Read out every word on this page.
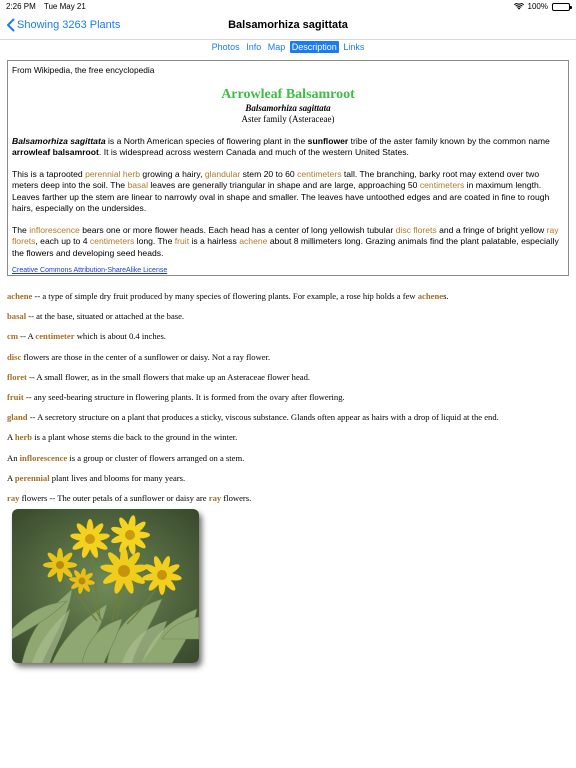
2:26 PM Tue May 21	100%
Showing 3263 Plants	Balsamorhiza sagittata
Photos Info Map Description Links
From Wikipedia, the free encyclopedia
Arrowleaf Balsamroot
Balsamorhiza sagittata
Aster family (Asteraceae)

Balsamorhiza sagittata is a North American species of flowering plant in the sunflower tribe of the aster family known by the common name arrowleaf balsamroot. It is widespread across western Canada and much of the western United States.

This is a taprooted perennial herb growing a hairy, glandular stem 20 to 60 centimeters tall. The branching, barky root may extend over two meters deep into the soil. The basal leaves are generally triangular in shape and are large, approaching 50 centimeters in maximum length. Leaves farther up the stem are linear to narrowly oval in shape and smaller. The leaves have untoothed edges and are coated in fine to rough hairs, especially on the undersides.

The inflorescence bears one or more flower heads. Each head has a center of long yellowish tubular disc florets and a fringe of bright yellow ray florets, each up to 4 centimeters long. The fruit is a hairless achene about 8 millimeters long. Grazing animals find the plant palatable, especially the flowers and developing seed heads.

Creative Commons Attribution-ShareAlike License
achene -- a type of simple dry fruit produced by many species of flowering plants. For example, a rose hip holds a few achenes.
basal -- at the base, situated or attached at the base.
cm -- A centimeter which is about 0.4 inches.
disc flowers are those in the center of a sunflower or daisy. Not a ray flower.
floret -- A small flower, as in the small flowers that make up an Asteraceae flower head.
fruit -- any seed-bearing structure in flowering plants. It is formed from the ovary after flowering.
gland -- A secretory structure on a plant that produces a sticky, viscous substance. Glands often appear as hairs with a drop of liquid at the end.
A herb is a plant whose stems die back to the ground in the winter.
An inflorescence is a group or cluster of flowers arranged on a stem.
A perennial plant lives and blooms for many years.
ray flowers -- The outer petals of a sunflower or daisy are ray flowers.
